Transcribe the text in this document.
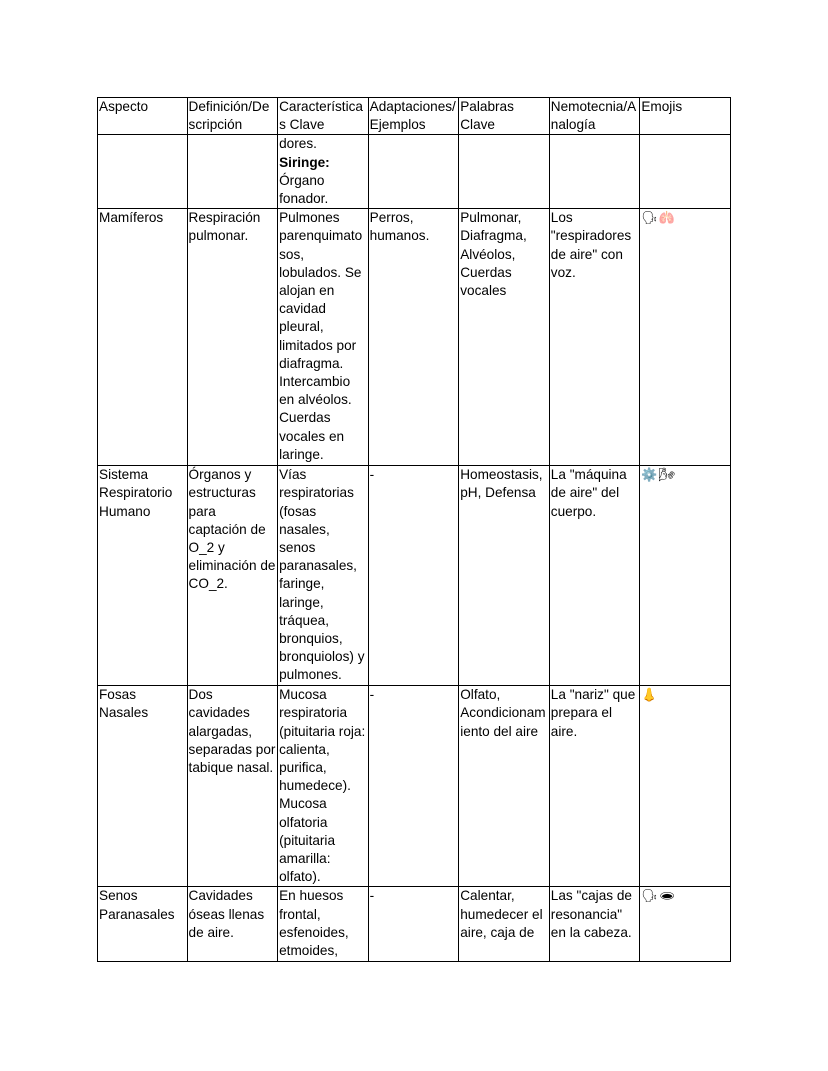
Aspecto	Definición/Descripción	Características Clave	Adaptaciones/Ejemplos	Palabras Clave	Nemotecnia/Analogía	Emojis

		dores.
Siringe:
Órgano fonador.				

Mamíferos	Respiración pulmonar.	Pulmones parenquimatosos, lobulados. Se alojan en cavidad pleural, limitados por diafragma. Intercambio en alvéolos. Cuerdas vocales en laringe.	Perros, humanos.	Pulmonar, Diafragma, Alvéolos, Cuerdas vocales	Los "respiradores de aire" con voz.	🗣🫁
Sistema Respiratorio Humano	Órganos y estructuras para captación de O_2 y eliminación de CO_2.	Vías respiratorias (fosas nasales, senos paranasales, faringe, laringe, tráquea, bronquios, bronquiolos) y pulmones.	-	Homeostasis, pH, Defensa	La "máquina de aire" del cuerpo.	⚙️🌬
Fosas Nasales	Dos cavidades alargadas, separadas por tabique nasal.	Mucosa respiratoria (pituitaria roja: calienta, purifica, humedece). Mucosa olfatoria (pituitaria amarilla: olfato).	-	Olfato, Acondicionamiento del aire	La "nariz" que prepara el aire.	👃
Senos Paranasales	Cavidades óseas llenas de aire.	En huesos frontal, esfenoides, etmoides,	-	Calentar, humedecer el aire, caja de	Las "cajas de resonancia" en la cabeza.	🗣🕳
